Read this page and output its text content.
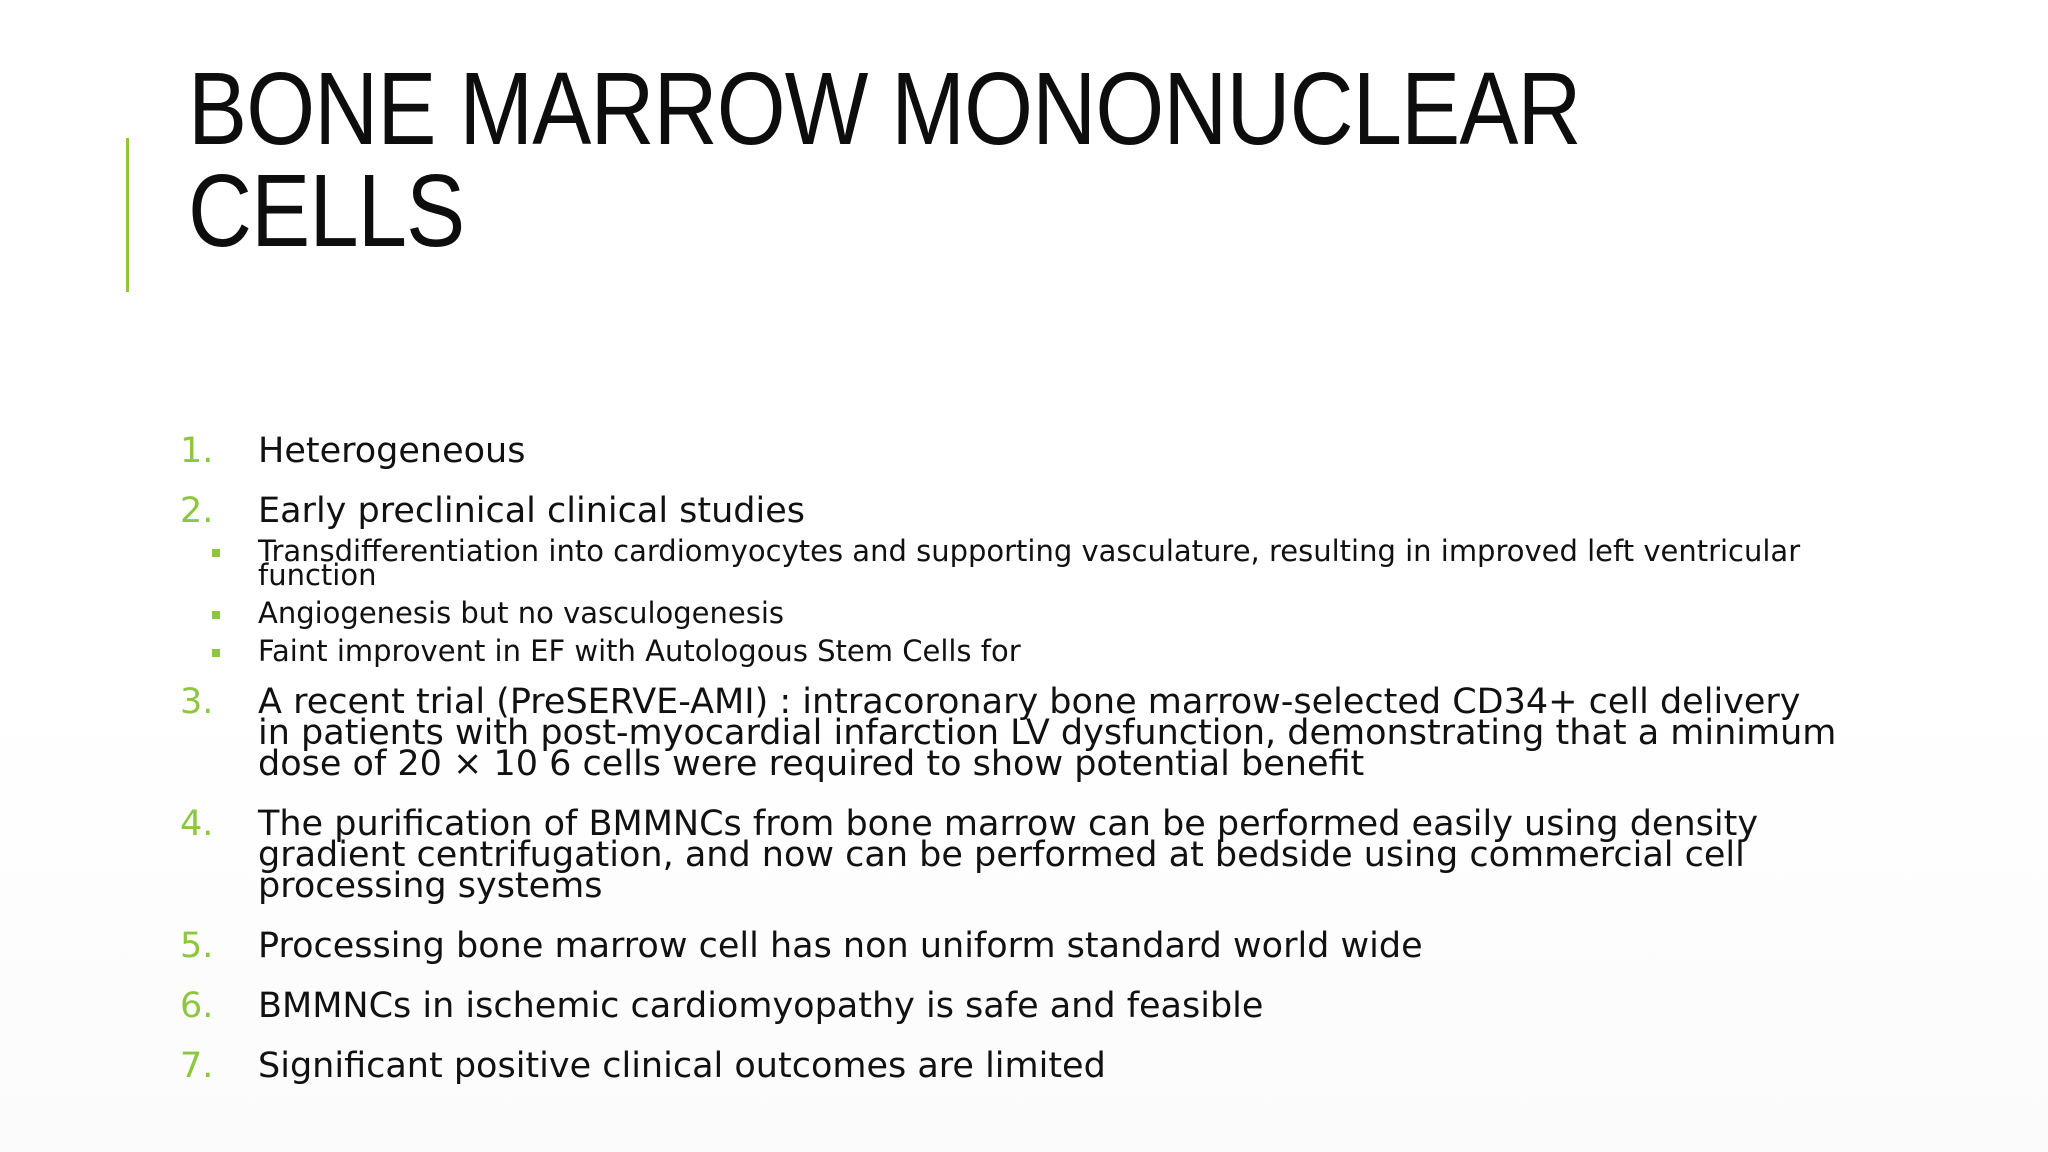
BONE MARROW MONONUCLEAR CELLS
1. Heterogeneous
2. Early preclinical clinical studies
Transdifferentiation into cardiomyocytes and supporting vasculature, resulting in improved left ventricular function
Angiogenesis but no vasculogenesis
Faint improvent in EF with Autologous Stem Cells for
3. A recent trial (PreSERVE-AMI) : intracoronary bone marrow-selected CD34+ cell delivery in patients with post-myocardial infarction LV dysfunction, demonstrating that a minimum dose of 20 × 10 6 cells were required to show potential benefit
4. The purification of BMMNCs from bone marrow can be performed easily using density gradient centrifugation, and now can be performed at bedside using commercial cell processing systems
5. Processing bone marrow cell has non uniform standard world wide
6. BMMNCs in ischemic cardiomyopathy is safe and feasible
7. Significant positive clinical outcomes are limited
